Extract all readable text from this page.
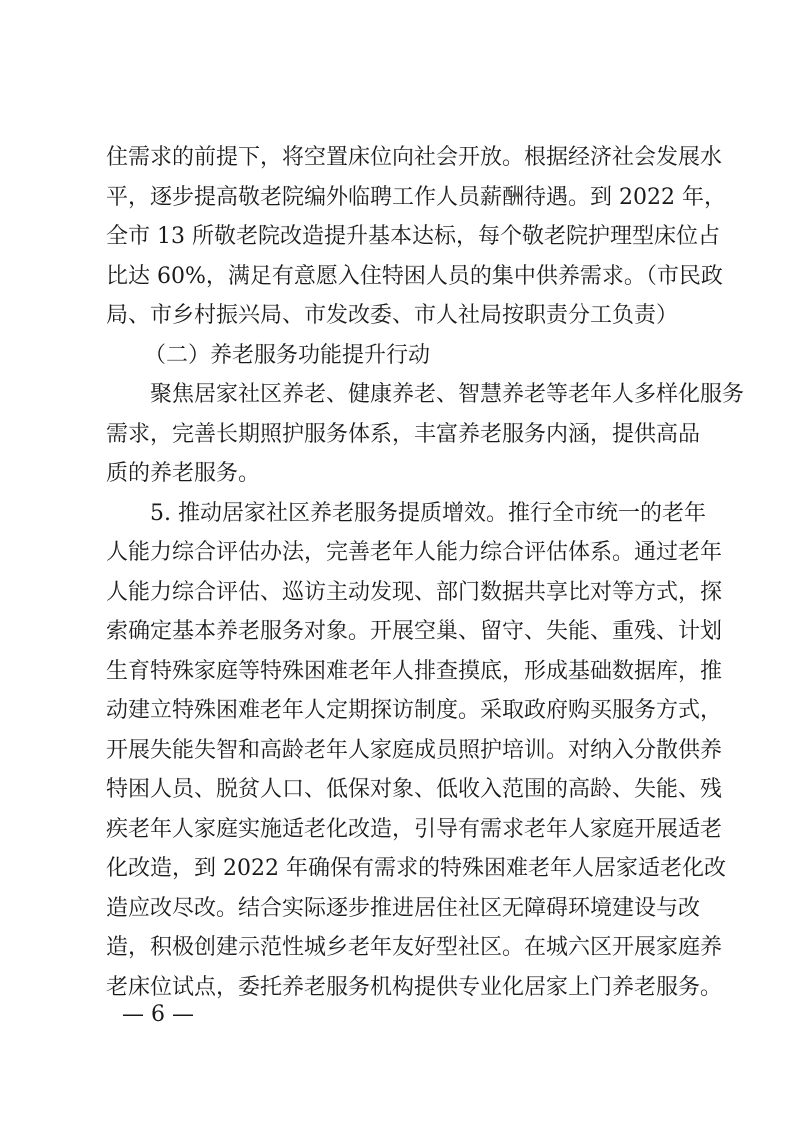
住需求的前提下，将空置床位向社会开放。根据经济社会发展水
平，逐步提高敬老院编外临聘工作人员薪酬待遇。到 2022 年，
全市 13 所敬老院改造提升基本达标，每个敬老院护理型床位占
比达 60%，满足有意愿入住特困人员的集中供养需求。（市民政
局、市乡村振兴局、市发改委、市人社局按职责分工负责）
（二）养老服务功能提升行动
聚焦居家社区养老、健康养老、智慧养老等老年人多样化服务
需求，完善长期照护服务体系，丰富养老服务内涵，提供高品
质的养老服务。
5. 推动居家社区养老服务提质增效。推行全市统一的老年
人能力综合评估办法，完善老年人能力综合评估体系。通过老年
人能力综合评估、巡访主动发现、部门数据共享比对等方式，探
索确定基本养老服务对象。开展空巢、留守、失能、重残、计划
生育特殊家庭等特殊困难老年人排查摸底，形成基础数据库，推
动建立特殊困难老年人定期探访制度。采取政府购买服务方式，
开展失能失智和高龄老年人家庭成员照护培训。对纳入分散供养
特困人员、脱贫人口、低保对象、低收入范围的高龄、失能、残
疾老年人家庭实施适老化改造，引导有需求老年人家庭开展适老
化改造，到 2022 年确保有需求的特殊困难老年人居家适老化改
造应改尽改。结合实际逐步推进居住社区无障碍环境建设与改
造，积极创建示范性城乡老年友好型社区。在城六区开展家庭养
老床位试点，委托养老服务机构提供专业化居家上门养老服务。
— 6 —
